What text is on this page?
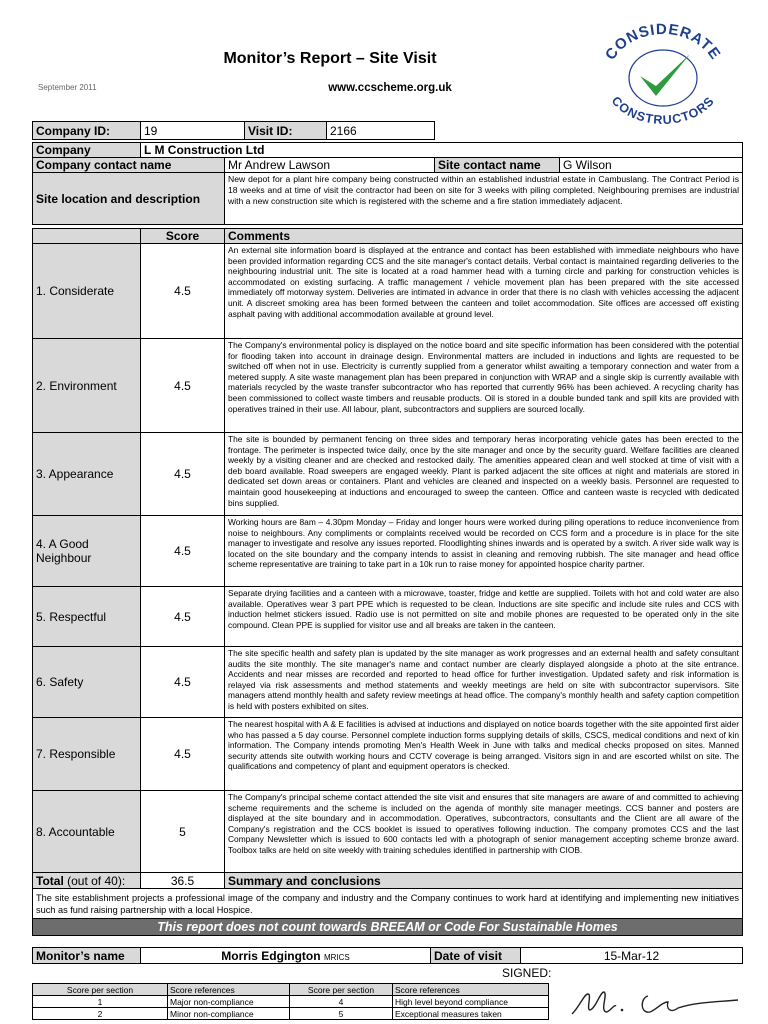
Monitor’s Report – Site Visit
September 2011	www.ccscheme.org.uk
CONSIDERATE
CONSTRUCTORS
Company ID:	19	Visit ID:	2166
Company	L M Construction Ltd			
Company contact name		Mr Andrew Lawson	Site contact name	G Wilson
Site location and description		New depot for a plant hire company being constructed within an established industrial estate in Cambuslang. The Contract Period is 18 weeks and at time of visit the contractor had been on site for 3 weeks with piling completed. Neighbouring premises are industrial with a new construction site which is registered with the scheme and a fire station immediately adjacent.		
	Score	Comments
1. Considerate	4.5	An external site information board is displayed at the entrance and contact has been established with immediate neighbours who have been provided information regarding CCS and the site manager's contact details. Verbal contact is maintained regarding deliveries to the neighbouring industrial unit. The site is located at a road hammer head with a turning circle and parking for construction vehicles is accommodated on existing surfacing. A traffic management / vehicle movement plan has been prepared with the site accessed immediately off motorway system. Deliveries are intimated in advance in order that there is no clash with vehicles accessing the adjacent unit. A discreet smoking area has been formed between the canteen and toilet accommodation. Site offices are accessed off existing asphalt paving with additional accommodation available at ground level.
2. Environment	4.5	The Company's environmental policy is displayed on the notice board and site specific information has been considered with the potential for flooding taken into account in drainage design. Environmental matters are included in inductions and lights are requested to be switched off when not in use. Electricity is currently supplied from a generator whilst awaiting a temporary connection and water from a metered supply. A site waste management plan has been prepared in conjunction with WRAP and a single skip is currently available with materials recycled by the waste transfer subcontractor who has reported that currently 96% has been achieved. A recycling charity has been commissioned to collect waste timbers and reusable products. Oil is stored in a double bunded tank and spill kits are provided with operatives trained in their use. All labour, plant, subcontractors and suppliers are sourced locally.
3. Appearance	4.5	The site is bounded by permanent fencing on three sides and temporary heras incorporating vehicle gates has been erected to the frontage. The perimeter is inspected twice daily, once by the site manager and once by the security guard. Welfare facilities are cleaned weekly by a visiting cleaner and are checked and restocked daily. The amenities appeared clean and well stocked at time of visit with a deb board available. Road sweepers are engaged weekly. Plant is parked adjacent the site offices at night and materials are stored in dedicated set down areas or containers. Plant and vehicles are cleaned and inspected on a weekly basis. Personnel are requested to maintain good housekeeping at inductions and encouraged to sweep the canteen. Office and canteen waste is recycled with dedicated bins supplied.
4. A Good Neighbour	4.5	Working hours are 8am – 4.30pm Monday – Friday and longer hours were worked during piling operations to reduce inconvenience from noise to neighbours. Any compliments or complaints received would be recorded on CCS form and a procedure is in place for the site manager to investigate and resolve any issues reported. Floodlighting shines inwards and is operated by a switch. A river side walk way is located on the site boundary and the company intends to assist in cleaning and removing rubbish. The site manager and head office scheme representative are training to take part in a 10k run to raise money for appointed hospice charity partner.
5. Respectful	4.5	Separate drying facilities and a canteen with a microwave, toaster, fridge and kettle are supplied. Toilets with hot and cold water are also available. Operatives wear 3 part PPE which is requested to be clean. Inductions are site specific and include site rules and CCS with induction helmet stickers issued. Radio use is not permitted on site and mobile phones are requested to be operated only in the site compound. Clean PPE is supplied for visitor use and all breaks are taken in the canteen.
6. Safety	4.5	The site specific health and safety plan is updated by the site manager as work progresses and an external health and safety consultant audits the site monthly. The site manager's name and contact number are clearly displayed alongside a photo at the site entrance. Accidents and near misses are recorded and reported to head office for further investigation. Updated safety and risk information is relayed via risk assessments and method statements and weekly meetings are held on site with subcontractor supervisors. Site managers attend monthly health and safety review meetings at head office. The company's monthly health and safety caption competition is held with posters exhibited on sites.
7. Responsible	4.5	The nearest hospital with A & E facilities is advised at inductions and displayed on notice boards together with the site appointed first aider who has passed a 5 day course. Personnel complete induction forms supplying details of skills, CSCS, medical conditions and next of kin information. The Company intends promoting Men's Health Week in June with talks and medical checks proposed on sites. Manned security attends site outwith working hours and CCTV coverage is being arranged. Visitors sign in and are escorted whilst on site. The qualifications and competency of plant and equipment operators is checked.
8. Accountable	5	The Company's principal scheme contact attended the site visit and ensures that site managers are aware of and committed to achieving scheme requirements and the scheme is included on the agenda of monthly site manager meetings. CCS banner and posters are displayed at the site boundary and in accommodation. Operatives, subcontractors, consultants and the Client are all aware of the Company's registration and the CCS booklet is issued to operatives following induction. The company promotes CCS and the last Company Newsletter which is issued to 600 contacts led with a photograph of senior management accepting scheme bronze award. Toolbox talks are held on site weekly with training schedules identified in partnership with CIOB.
Total (out of 40):	36.5	Summary and conclusions
The site establishment projects a professional image of the company and industry and the Company continues to work hard at identifying and implementing new initiatives such as fund raising partnership with a local Hospice.		
This report does not count towards BREEAM or Code For Sustainable Homes		
Monitor’s name	Morris Edgington MRICS	Date of visit	15-Mar-12
SIGNED:
Score per section	Score references	Score per section	Score references
1	Major non-compliance	4	High level beyond compliance
2	Minor non-compliance	5	Exceptional measures taken
